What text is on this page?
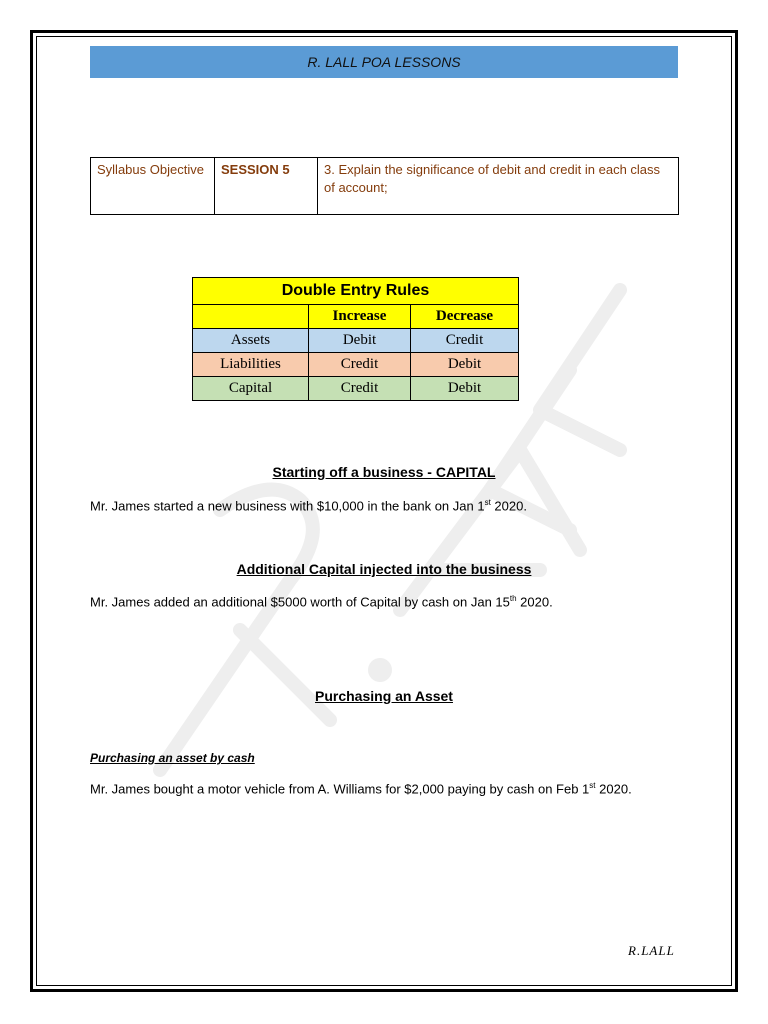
R. LALL POA LESSONS
Syllabus Objective	SESSION 5	3. Explain the significance of debit and credit in each class of account;
Double Entry Rules		
	Increase	Decrease
Assets	Debit	Credit
Liabilities	Credit	Debit
Capital	Credit	Debit
Starting off a business - CAPITAL
Mr. James started a new business with $10,000 in the bank on Jan 1st 2020.
Additional Capital injected into the business
Mr. James added an additional $5000 worth of Capital by cash on Jan 15th 2020.
Purchasing an Asset
Purchasing an asset by cash
Mr. James bought a motor vehicle from A. Williams for $2,000 paying by cash on Feb 1st 2020.
R.LALL
